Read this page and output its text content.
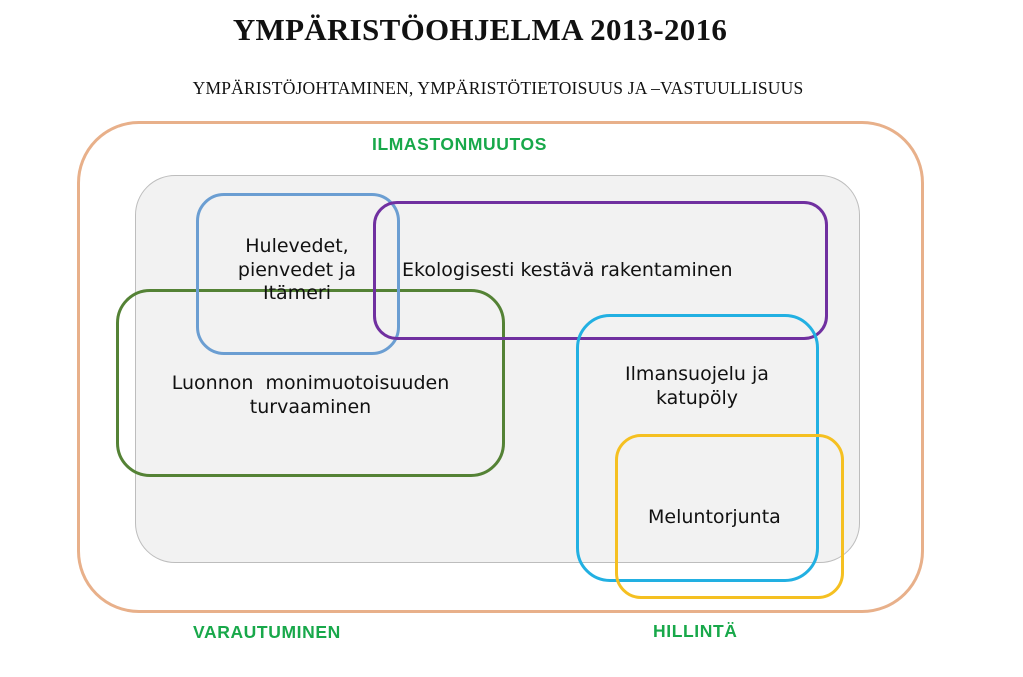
YMPÄRISTÖOHJELMA 2013-2016
YMPÄRISTÖJOHTAMINEN, YMPÄRISTÖTIETOISUUS JA –VASTUULLISUUS
ILMASTONMUUTOS
VARAUTUMINEN	HILLINTÄ
Hulevedet,
pienvedet ja
Itämeri
Ekologisesti kestävä rakentaminen
Luonnon  monimuotoisuuden
turvaaminen
Ilmansuojelu ja
katupöly
Meluntorjunta
